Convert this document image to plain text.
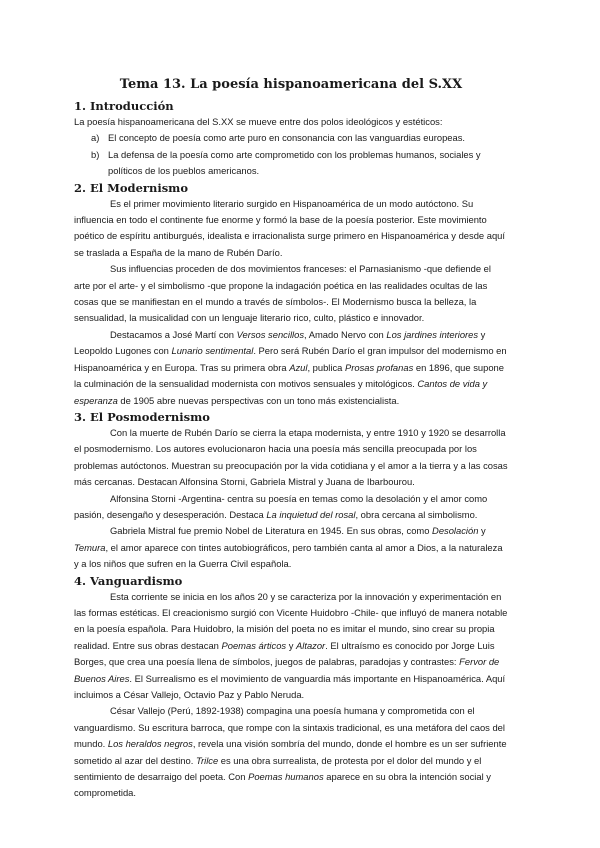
Tema 13. La poesía hispanoamericana del S.XX
1. Introducción

La poesía hispanoamericana del S.XX se mueve entre dos polos ideológicos y estéticos:

a) El concepto de poesía como arte puro en consonancia con las vanguardias europeas.
b) La defensa de la poesía como arte comprometido con los problemas humanos, sociales y políticos de los pueblos americanos.
2. El Modernismo

Es el primer movimiento literario surgido en Hispanoamérica de un modo autóctono. Su influencia en todo el continente fue enorme y formó la base de la poesía posterior. Este movimiento poético de espíritu antiburgués, idealista e irracionalista surge primero en Hispanoamérica y desde aquí se traslada a España de la mano de Rubén Darío.

Sus influencias proceden de dos movimientos franceses: el Parnasianismo -que defiende el arte por el arte- y el simbolismo -que propone la indagación poética en las realidades ocultas de las cosas que se manifiestan en el mundo a través de símbolos-. El Modernismo busca la belleza, la sensualidad, la musicalidad con un lenguaje literario rico, culto, plástico e innovador.

Destacamos a José Martí con Versos sencillos, Amado Nervo con Los jardines interiores y Leopoldo Lugones con Lunario sentimental. Pero será Rubén Darío el gran impulsor del modernismo en Hispanoamérica y en Europa. Tras su primera obra Azul, publica Prosas profanas en 1896, que supone la culminación de la sensualidad modernista con motivos sensuales y mitológicos. Cantos de vida y esperanza de 1905 abre nuevas perspectivas con un tono más existencialista.

3. El Posmodernismo

Con la muerte de Rubén Darío se cierra la etapa modernista, y entre 1910 y 1920 se desarrolla el posmodernismo. Los autores evolucionaron hacia una poesía más sencilla preocupada por los problemas autóctonos. Muestran su preocupación por la vida cotidiana y el amor a la tierra y a las cosas más cercanas. Destacan Alfonsina Storni, Gabriela Mistral y Juana de Ibarbourou.

Alfonsina Storni -Argentina- centra su poesía en temas como la desolación y el amor como pasión, desengaño y desesperación. Destaca La inquietud del rosal, obra cercana al simbolismo.

Gabriela Mistral fue premio Nobel de Literatura en 1945. En sus obras, como Desolación y Temura, el amor aparece con tintes autobiográficos, pero también canta al amor a Dios, a la naturaleza y a los niños que sufren en la Guerra Civil española.

4. Vanguardismo

Esta corriente se inicia en los años 20 y se caracteriza por la innovación y experimentación en las formas estéticas. El creacionismo surgió con Vicente Huidobro -Chile- que influyó de manera notable en la poesía española. Para Huidobro, la misión del poeta no es imitar el mundo, sino crear su propia realidad. Entre sus obras destacan Poemas árticos y Altazor. El ultraísmo es conocido por Jorge Luis Borges, que crea una poesía llena de símbolos, juegos de palabras, paradojas y contrastes: Fervor de Buenos Aires. El Surrealismo es el movimiento de vanguardia más importante en Hispanoamérica. Aquí incluimos a César Vallejo, Octavio Paz y Pablo Neruda.

César Vallejo (Perú, 1892-1938) compagina una poesía humana y comprometida con el vanguardismo. Su escritura barroca, que rompe con la sintaxis tradicional, es una metáfora del caos del mundo. Los heraldos negros, revela una visión sombría del mundo, donde el hombre es un ser sufriente sometido al azar del destino. Trilce es una obra surrealista, de protesta por el dolor del mundo y el sentimiento de desarraigo del poeta. Con Poemas humanos aparece en su obra la intención social y comprometida.
